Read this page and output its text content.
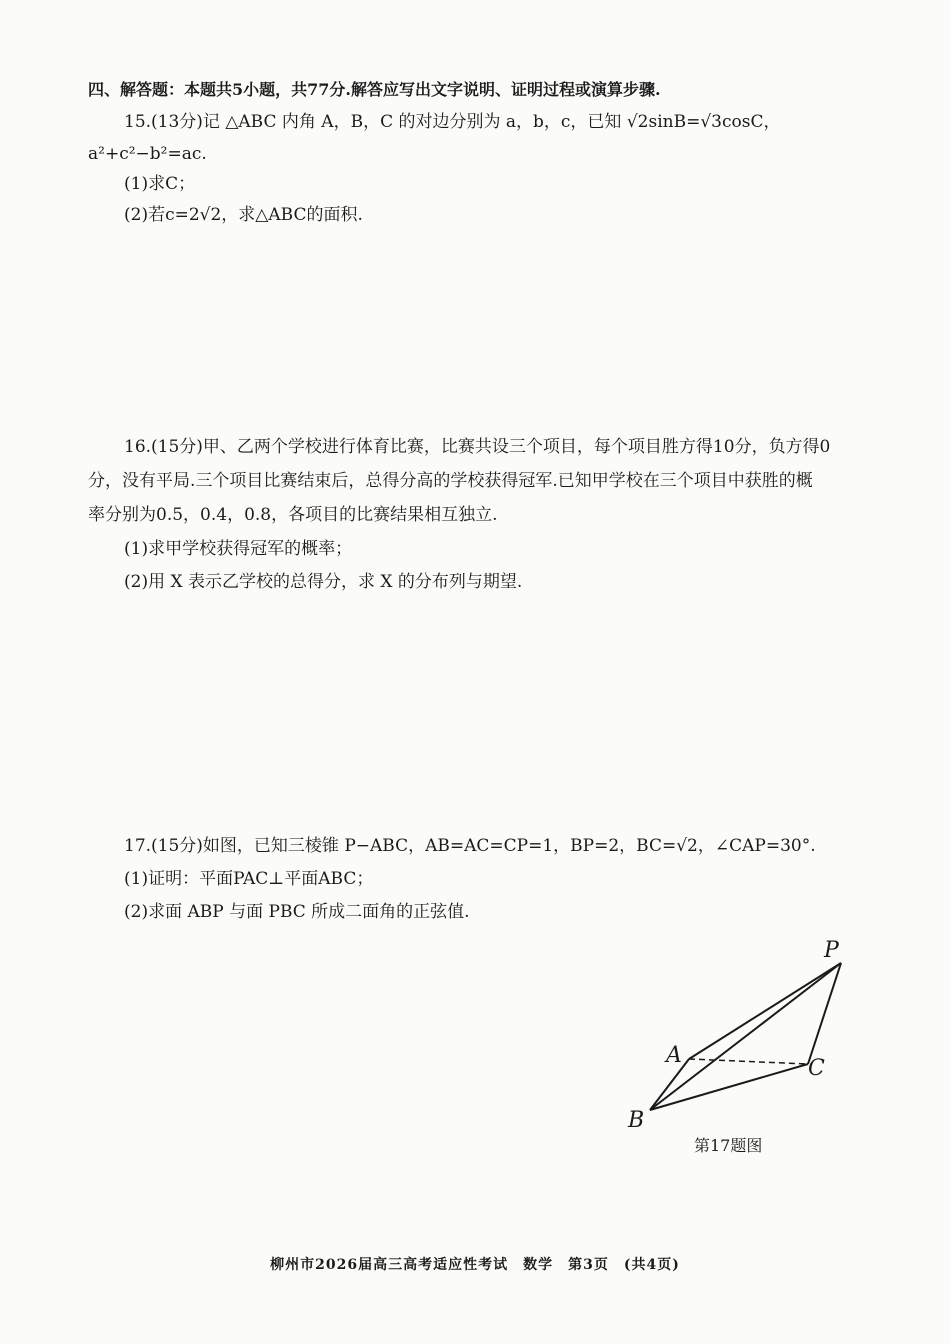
四、解答题：本题共5小题，共77分.解答应写出文字说明、证明过程或演算步骤.
15.(13分)记 △ABC 内角 A，B，C 的对边分别为 a，b，c，已知 √2sinB=√3cosC，
a²+c²−b²=ac.
(1)求C；
(2)若c=2√2，求△ABC的面积.
16.(15分)甲、乙两个学校进行体育比赛，比赛共设三个项目，每个项目胜方得10分，负方得0
分，没有平局.三个项目比赛结束后，总得分高的学校获得冠军.已知甲学校在三个项目中获胜的概
率分别为0.5，0.4，0.8，各项目的比赛结果相互独立.
(1)求甲学校获得冠军的概率；
(2)用 X 表示乙学校的总得分，求 X 的分布列与期望.
17.(15分)如图，已知三棱锥 P−ABC，AB=AC=CP=1，BP=2，BC=√2，∠CAP=30°.
(1)证明：平面PAC⊥平面ABC；
(2)求面 ABP 与面 PBC 所成二面角的正弦值.
P
A
C
B
第17题图
柳州市2026届高三高考适应性考试　数学　第3页　(共4页)
